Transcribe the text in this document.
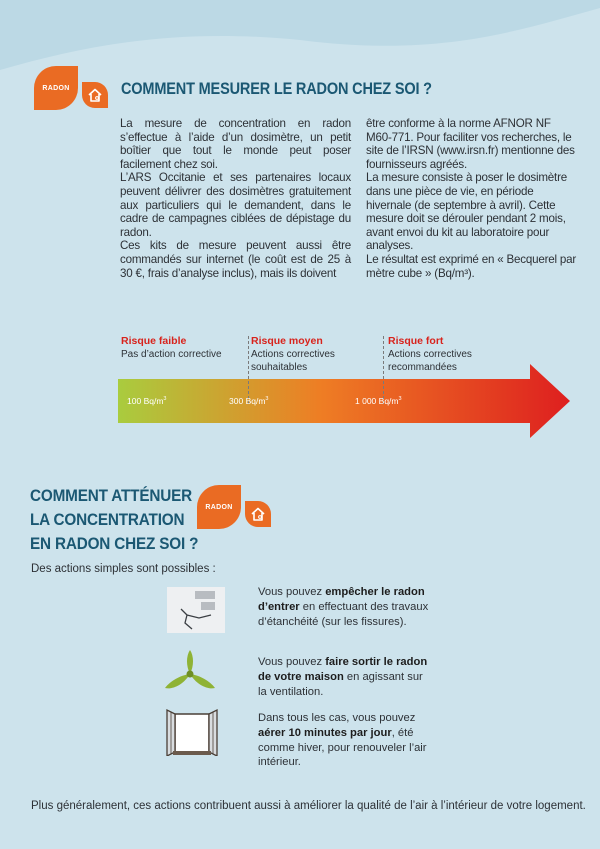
RADON	COMMENT MESURER LE RADON CHEZ SOI ?

La mesure de concentration en radon s’effectue à l’aide d’un dosimètre, un petit boîtier que tout le monde peut poser facilement chez soi.

L’ARS Occitanie et ses partenaires locaux peuvent délivrer des dosimètres gratuitement aux particuliers qui le demandent, dans le cadre de campagnes ciblées de dépistage du radon.

Ces kits de mesure peuvent aussi être commandés sur internet (le coût est de 25 à 30 €, frais d’analyse inclus), mais ils doivent

être conforme à la norme AFNOR NF M60-771. Pour faciliter vos recherches, le site de l’IRSN (www.irsn.fr) mentionne des fournisseurs agréés.

La mesure consiste à poser le dosimètre dans une pièce de vie, en période hivernale (de septembre à avril). Cette mesure doit se dérouler pendant 2 mois, avant envoi du kit au laboratoire pour analyses.

Le résultat est exprimé en « Becquerel par mètre cube » (Bq/m³).

Risque faible
Pas d’action corrective
Risque moyen
Actions correctives
souhaitables
Risque fort
Actions correctives
recommandées
100 $Bq/m^3$	300 $Bq/m^3$	1 000 $Bq/m^3$
COMMENT ATTÉNUER
LA CONCENTRATION
EN RADON CHEZ SOI ?
RADON
Des actions simples sont possibles :
Vous pouvez empêcher le radon d’entrer en effectuant des travaux d’étanchéité (sur les fissures).
Vous pouvez faire sortir le radon de votre maison en agissant sur la ventilation.
Dans tous les cas, vous pouvez aérer 10 minutes par jour, été comme hiver, pour renouveler l’air intérieur.
Plus généralement, ces actions contribuent aussi à améliorer la qualité de l’air à l’intérieur de votre logement.
